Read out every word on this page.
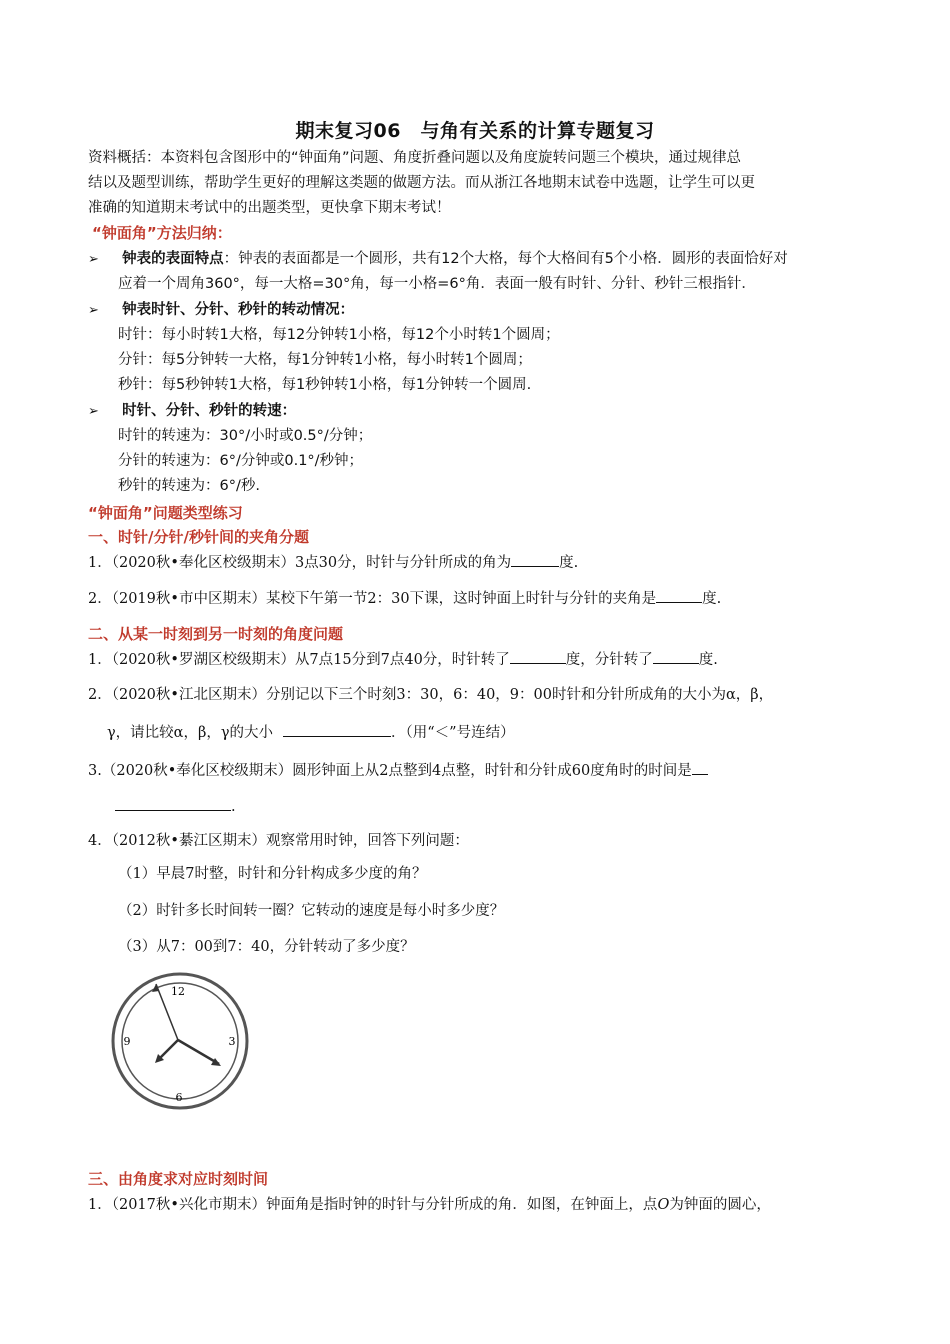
期末复习06　与角有关系的计算专题复习
资料概括：本资料包含图形中的“钟面角”问题、角度折叠问题以及角度旋转问题三个模块，通过规律总
结以及题型训练，帮助学生更好的理解这类题的做题方法。而从浙江各地期末试卷中选题，让学生可以更
准确的知道期末考试中的出题类型，更快拿下期末考试！
“钟面角”方法归纳：
➢ 钟表的表面特点：钟表的表面都是一个圆形，共有12个大格，每个大格间有5个小格．圆形的表面恰好对
应着一个周角360°，每一大格=30°角，每一小格=6°角．表面一般有时针、分针、秒针三根指针．
➢ 钟表时针、分针、秒针的转动情况：
时针：每小时转1大格，每12分钟转1小格，每12个小时转1个圆周；
分针：每5分钟转一大格，每1分钟转1小格，每小时转1个圆周；
秒针：每5秒钟转1大格，每1秒钟转1小格，每1分钟转一个圆周.
➢ 时针、分针、秒针的转速：
时针的转速为：30°/小时或0.5°/分钟；
分针的转速为：6°/分钟或0.1°/秒钟；
秒针的转速为：6°/秒.
“钟面角”问题类型练习
一、时针/分针/秒针间的夹角分题
1．（2020秋•奉化区校级期末）3点30分，时针与分针所成的角为	度.
2．（2019秋•市中区期末）某校下午第一节2：30下课，这时钟面上时针与分针的夹角是	度.
二、从某一时刻到另一时刻的角度问题
1．（2020秋•罗湖区校级期末）从7点15分到7点40分，时针转了	度，分针转了	度.
2．（2020秋•江北区期末）分别记以下三个时刻3：30，6：40，9：00时针和分针所成角的大小为α，β，
γ，请比较α，β，γ的大小	．（用“＜”号连结）
3.（2020秋•奉化区校级期末）圆形钟面上从2点整到4点整，时针和分针成60度角时的时间是
.
4．（2012秋•綦江区期末）观察常用时钟，回答下列问题：
（1）早晨7时整，时针和分针构成多少度的角？
（2）时针多长时间转一圈？它转动的速度是每小时多少度？
（3）从7：00到7：40，分针转动了多少度？
12
3
6
9
三、由角度求对应时刻时间
1．（2017秋•兴化市期末）钟面角是指时钟的时针与分针所成的角．如图，在钟面上，点O为钟面的圆心，
